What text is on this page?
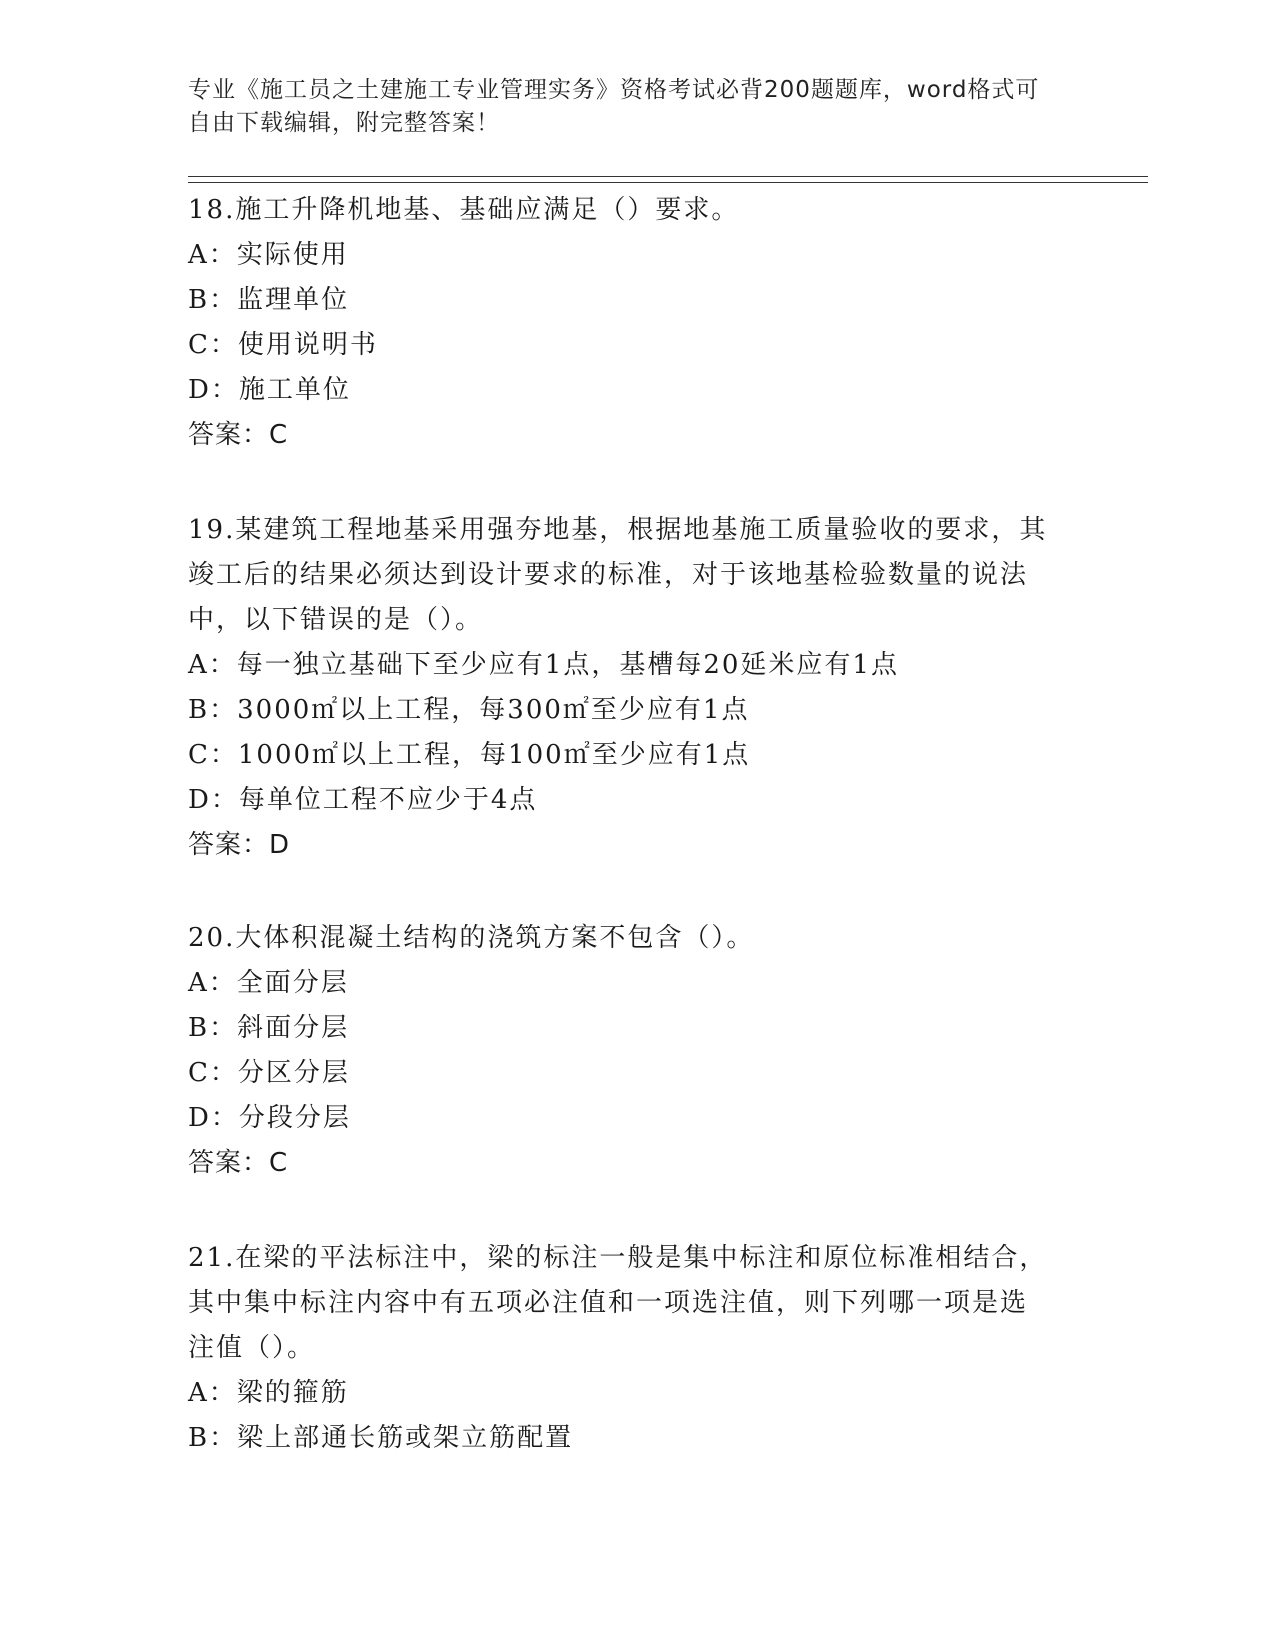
专业《施工员之土建施工专业管理实务》资格考试必背200题题库，word格式可
自由下载编辑，附完整答案！
18.施工升降机地基、基础应满足（）要求。
A：实际使用
B：监理单位
C：使用说明书
D：施工单位
答案：C
19.某建筑工程地基采用强夯地基，根据地基施工质量验收的要求，其
竣工后的结果必须达到设计要求的标准，对于该地基检验数量的说法
中，以下错误的是（）。
A：每一独立基础下至少应有1点，基槽每20延米应有1点
B：3000㎡以上工程，每300㎡至少应有1点
C：1000㎡以上工程，每100㎡至少应有1点
D：每单位工程不应少于4点
答案：D
20.大体积混凝土结构的浇筑方案不包含（）。
A：全面分层
B：斜面分层
C：分区分层
D：分段分层
答案：C
21.在梁的平法标注中，梁的标注一般是集中标注和原位标准相结合，
其中集中标注内容中有五项必注值和一项选注值，则下列哪一项是选
注值（）。
A：梁的箍筋
B：梁上部通长筋或架立筋配置
